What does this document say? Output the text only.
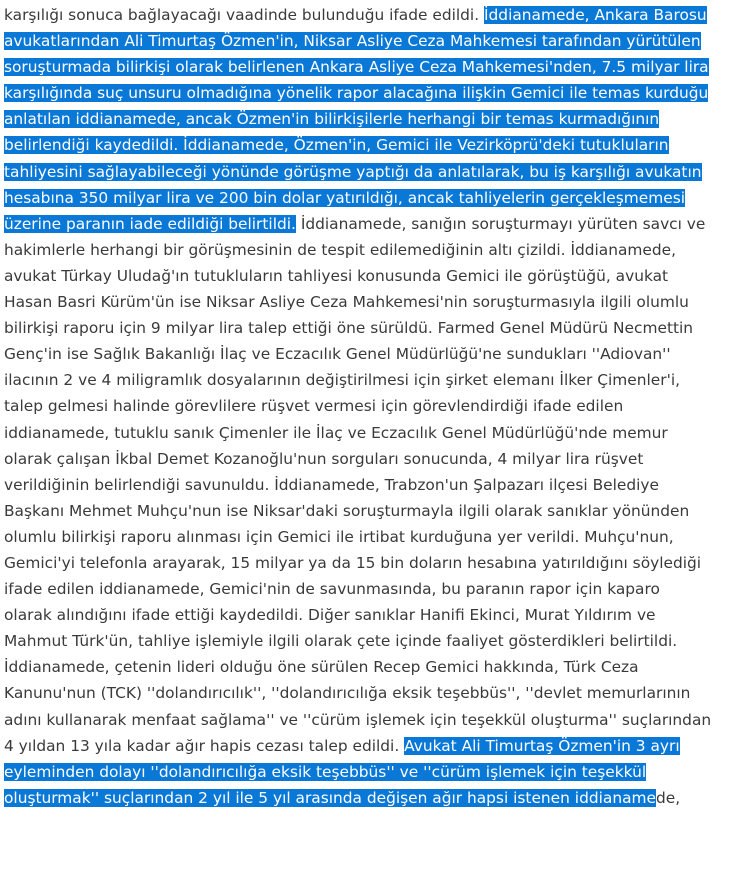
karşılığı sonuca bağlayacağı vaadinde bulunduğu ifade edildi. İddianamede, Ankara Barosu
avukatlarından Ali Timurtaş Özmen'in, Niksar Asliye Ceza Mahkemesi tarafından yürütülen
soruşturmada bilirkişi olarak belirlenen Ankara Asliye Ceza Mahkemesi'nden, 7.5 milyar lira
karşılığında suç unsuru olmadığına yönelik rapor alacağına ilişkin Gemici ile temas kurduğu
anlatılan iddianamede, ancak Özmen'in bilirkişilerle herhangi bir temas kurmadığının
belirlendiği kaydedildi. İddianamede, Özmen'in, Gemici ile Vezirköprü'deki tutukluların
tahliyesini sağlayabileceği yönünde görüşme yaptığı da anlatılarak, bu iş karşılığı avukatın
hesabına 350 milyar lira ve 200 bin dolar yatırıldığı, ancak tahliyelerin gerçekleşmemesi
üzerine paranın iade edildiği belirtildi. İddianamede, sanığın soruşturmayı yürüten savcı ve
hakimlerle herhangi bir görüşmesinin de tespit edilemediğinin altı çizildi. İddianamede,
avukat Türkay Uludağ'ın tutukluların tahliyesi konusunda Gemici ile görüştüğü, avukat
Hasan Basri Kürüm'ün ise Niksar Asliye Ceza Mahkemesi'nin soruşturmasıyla ilgili olumlu
bilirkişi raporu için 9 milyar lira talep ettiği öne sürüldü. Farmed Genel Müdürü Necmettin
Genç'in ise Sağlık Bakanlığı İlaç ve Eczacılık Genel Müdürlüğü'ne sundukları ''Adiovan''
ilacının 2 ve 4 miligramlık dosyalarının değiştirilmesi için şirket elemanı İlker Çimenler'i,
talep gelmesi halinde görevlilere rüşvet vermesi için görevlendirdiği ifade edilen
iddianamede, tutuklu sanık Çimenler ile İlaç ve Eczacılık Genel Müdürlüğü'nde memur
olarak çalışan İkbal Demet Kozanoğlu'nun sorguları sonucunda, 4 milyar lira rüşvet
verildiğinin belirlendiği savunuldu. İddianamede, Trabzon'un Şalpazarı ilçesi Belediye
Başkanı Mehmet Muhçu'nun ise Niksar'daki soruşturmayla ilgili olarak sanıklar yönünden
olumlu bilirkişi raporu alınması için Gemici ile irtibat kurduğuna yer verildi. Muhçu'nun,
Gemici'yi telefonla arayarak, 15 milyar ya da 15 bin doların hesabına yatırıldığını söylediği
ifade edilen iddianamede, Gemici'nin de savunmasında, bu paranın rapor için kaparo
olarak alındığını ifade ettiği kaydedildi. Diğer sanıklar Hanifi Ekinci, Murat Yıldırım ve
Mahmut Türk'ün, tahliye işlemiyle ilgili olarak çete içinde faaliyet gösterdikleri belirtildi.
İddianamede, çetenin lideri olduğu öne sürülen Recep Gemici hakkında, Türk Ceza
Kanunu'nun (TCK) ''dolandırıcılık'', ''dolandırıcılığa eksik teşebbüs'', ''devlet memurlarının
adını kullanarak menfaat sağlama'' ve ''cürüm işlemek için teşekkül oluşturma'' suçlarından
4 yıldan 13 yıla kadar ağır hapis cezası talep edildi. Avukat Ali Timurtaş Özmen'in 3 ayrı
eyleminden dolayı ''dolandırıcılığa eksik teşebbüs'' ve ''cürüm işlemek için teşekkül
oluşturmak'' suçlarından 2 yıl ile 5 yıl arasında değişen ağır hapsi istenen iddianamede,
